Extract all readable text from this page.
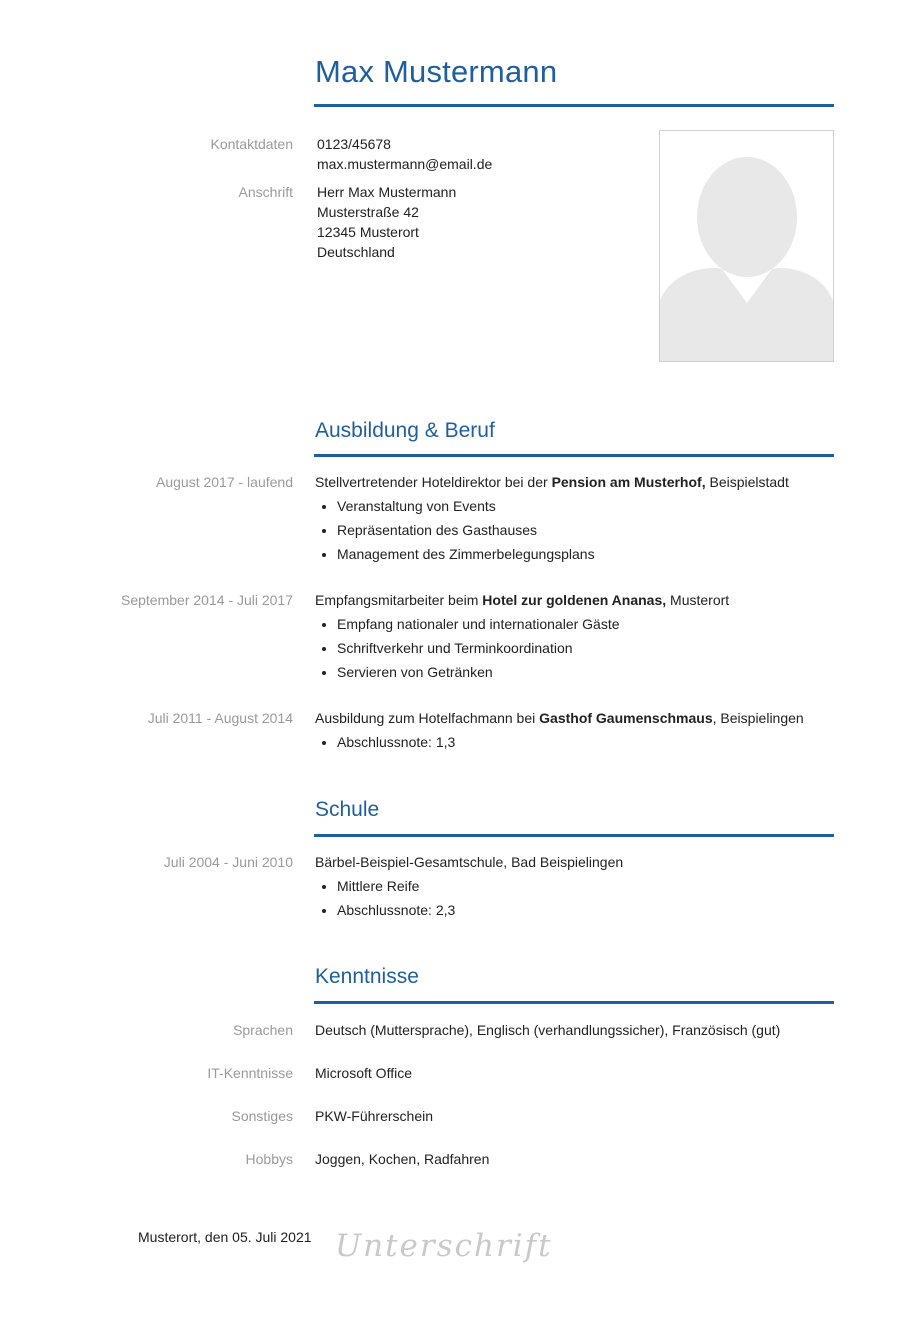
Max Mustermann
Kontaktdaten 0123/45678
max.mustermann@email.de
Anschrift Herr Max Mustermann
Musterstraße 42
12345 Musterort
Deutschland
Ausbildung & Beruf
August 2017 - laufend Stellvertretender Hoteldirektor bei der Pension am Musterhof, Beispielstadt
• Veranstaltung von Events
• Repräsentation des Gasthauses
• Management des Zimmerbelegungsplans
September 2014 - Juli 2017 Empfangsmitarbeiter beim Hotel zur goldenen Ananas, Musterort
• Empfang nationaler und internationaler Gäste
• Schriftverkehr und Terminkoordination
• Servieren von Getränken
Juli 2011 - August 2014 Ausbildung zum Hotelfachmann bei Gasthof Gaumenschmaus, Beispielingen
• Abschlussnote: 1,3
Schule
Juli 2004 - Juni 2010 Bärbel-Beispiel-Gesamtschule, Bad Beispielingen
• Mittlere Reife
• Abschlussnote: 2,3
Kenntnisse
Sprachen Deutsch (Muttersprache), Englisch (verhandlungssicher), Französisch (gut)
IT-Kenntnisse Microsoft Office
Sonstiges PKW-Führerschein
Hobbys Joggen, Kochen, Radfahren
Musterort, den 05. Juli 2021 Unterschrift
